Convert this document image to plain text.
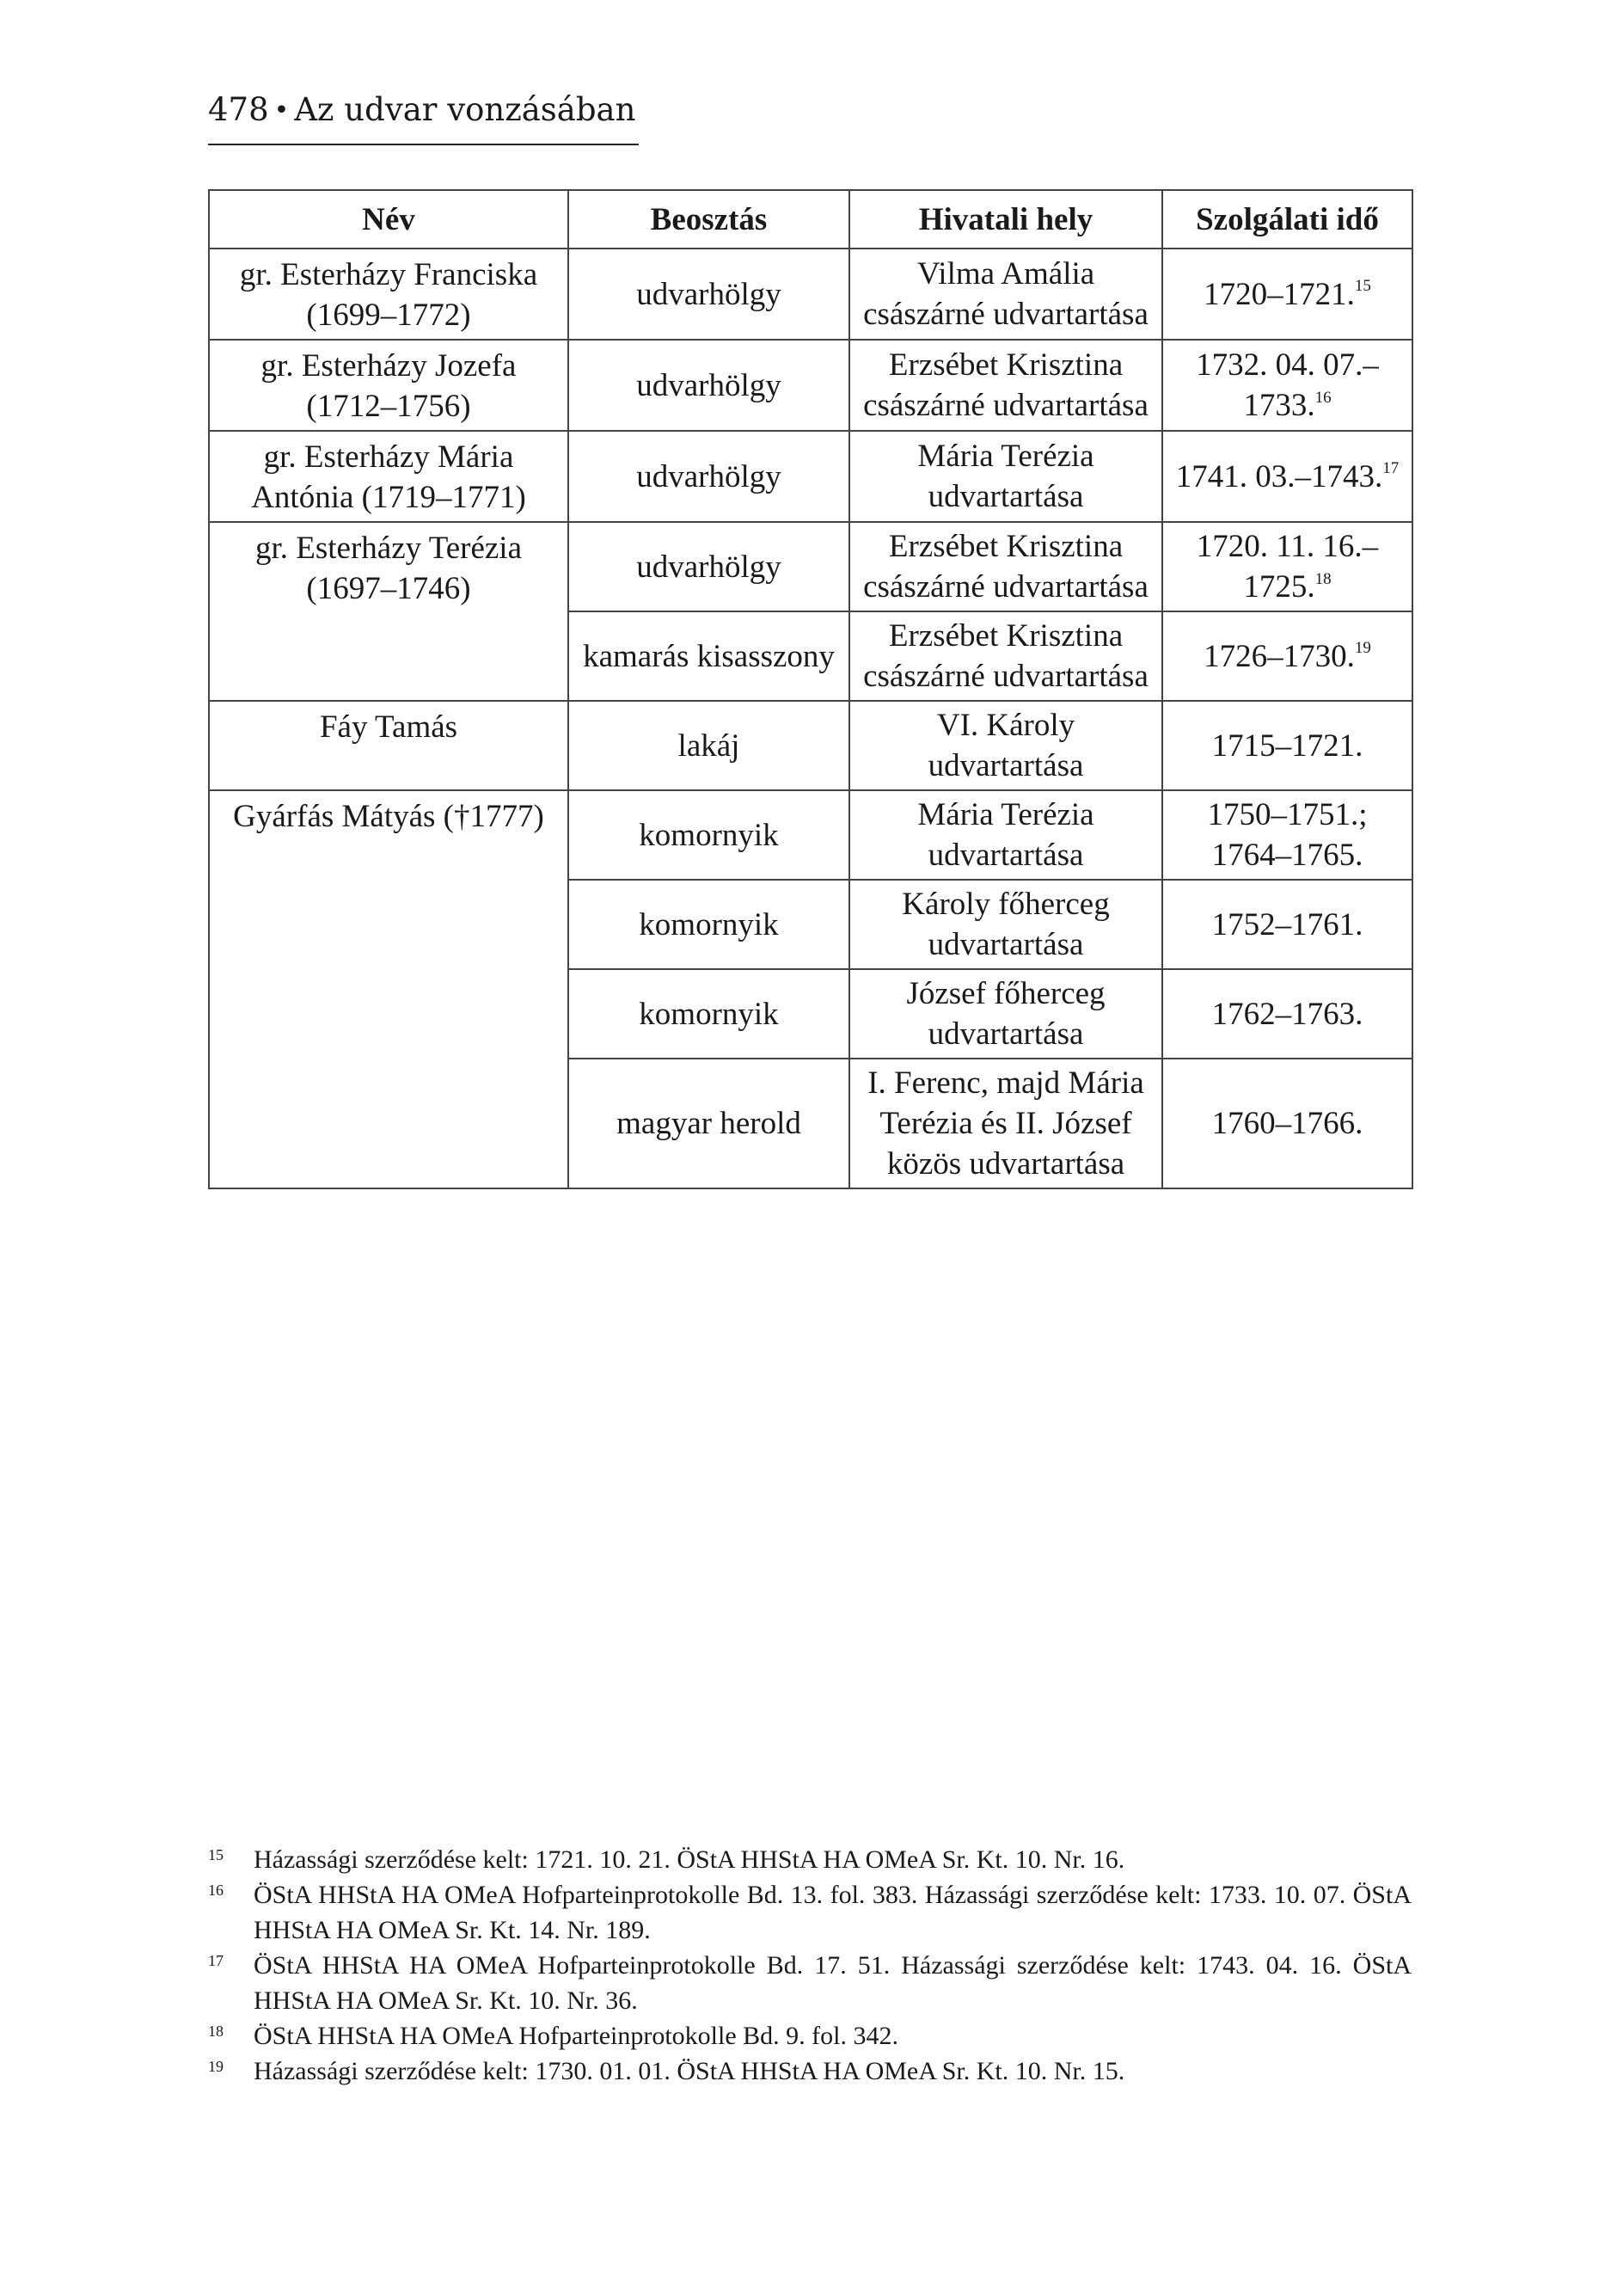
478 • Az udvar vonzásában
Név	Beosztás	Hivatali hely	Szolgálati idő
gr. Esterházy Franciska (1699–1772)	udvarhölgy	Vilma Amália császárné udvartartása	1720–1721.15
gr. Esterházy Jozefa (1712–1756)	udvarhölgy	Erzsébet Krisztina császárné udvartartása	1732. 04. 07.–1733.16
gr. Esterházy Mária Antónia (1719–1771)	udvarhölgy	Mária Terézia udvartartása	1741. 03.–1743.17
gr. Esterházy Terézia (1697–1746)	udvarhölgy	Erzsébet Krisztina császárné udvartartása	1720. 11. 16.–1725.18
	kamarás kisasszony	Erzsébet Krisztina császárné udvartartása	1726–1730.19
Fáy Tamás	lakáj	VI. Károly udvartartása	1715–1721.
Gyárfás Mátyás (†1777)	komornyik	Mária Terézia udvartartása	1750–1751.; 1764–1765.
	komornyik	Károly főherceg udvartartása	1752–1761.
	komornyik	József főherceg udvartartása	1762–1763.
	magyar herold	I. Ferenc, majd Mária Terézia és II. József közös udvartartása	1760–1766.
15	Házassági szerződése kelt: 1721. 10. 21. ÖStA HHStA HA OMeA Sr. Kt. 10. Nr. 16.
16	ÖStA HHStA HA OMeA Hofparteinprotokolle Bd. 13. fol. 383. Házassági szerződése kelt: 1733. 10. 07. ÖStA HHStA HA OMeA Sr. Kt. 14. Nr. 189.
17	ÖStA HHStA HA OMeA Hofparteinprotokolle Bd. 17. 51. Házassági szerződése kelt: 1743. 04. 16. ÖStA HHStA HA OMeA Sr. Kt. 10. Nr. 36.
18	ÖStA HHStA HA OMeA Hofparteinprotokolle Bd. 9. fol. 342.
19	Házassági szerződése kelt: 1730. 01. 01. ÖStA HHStA HA OMeA Sr. Kt. 10. Nr. 15.
